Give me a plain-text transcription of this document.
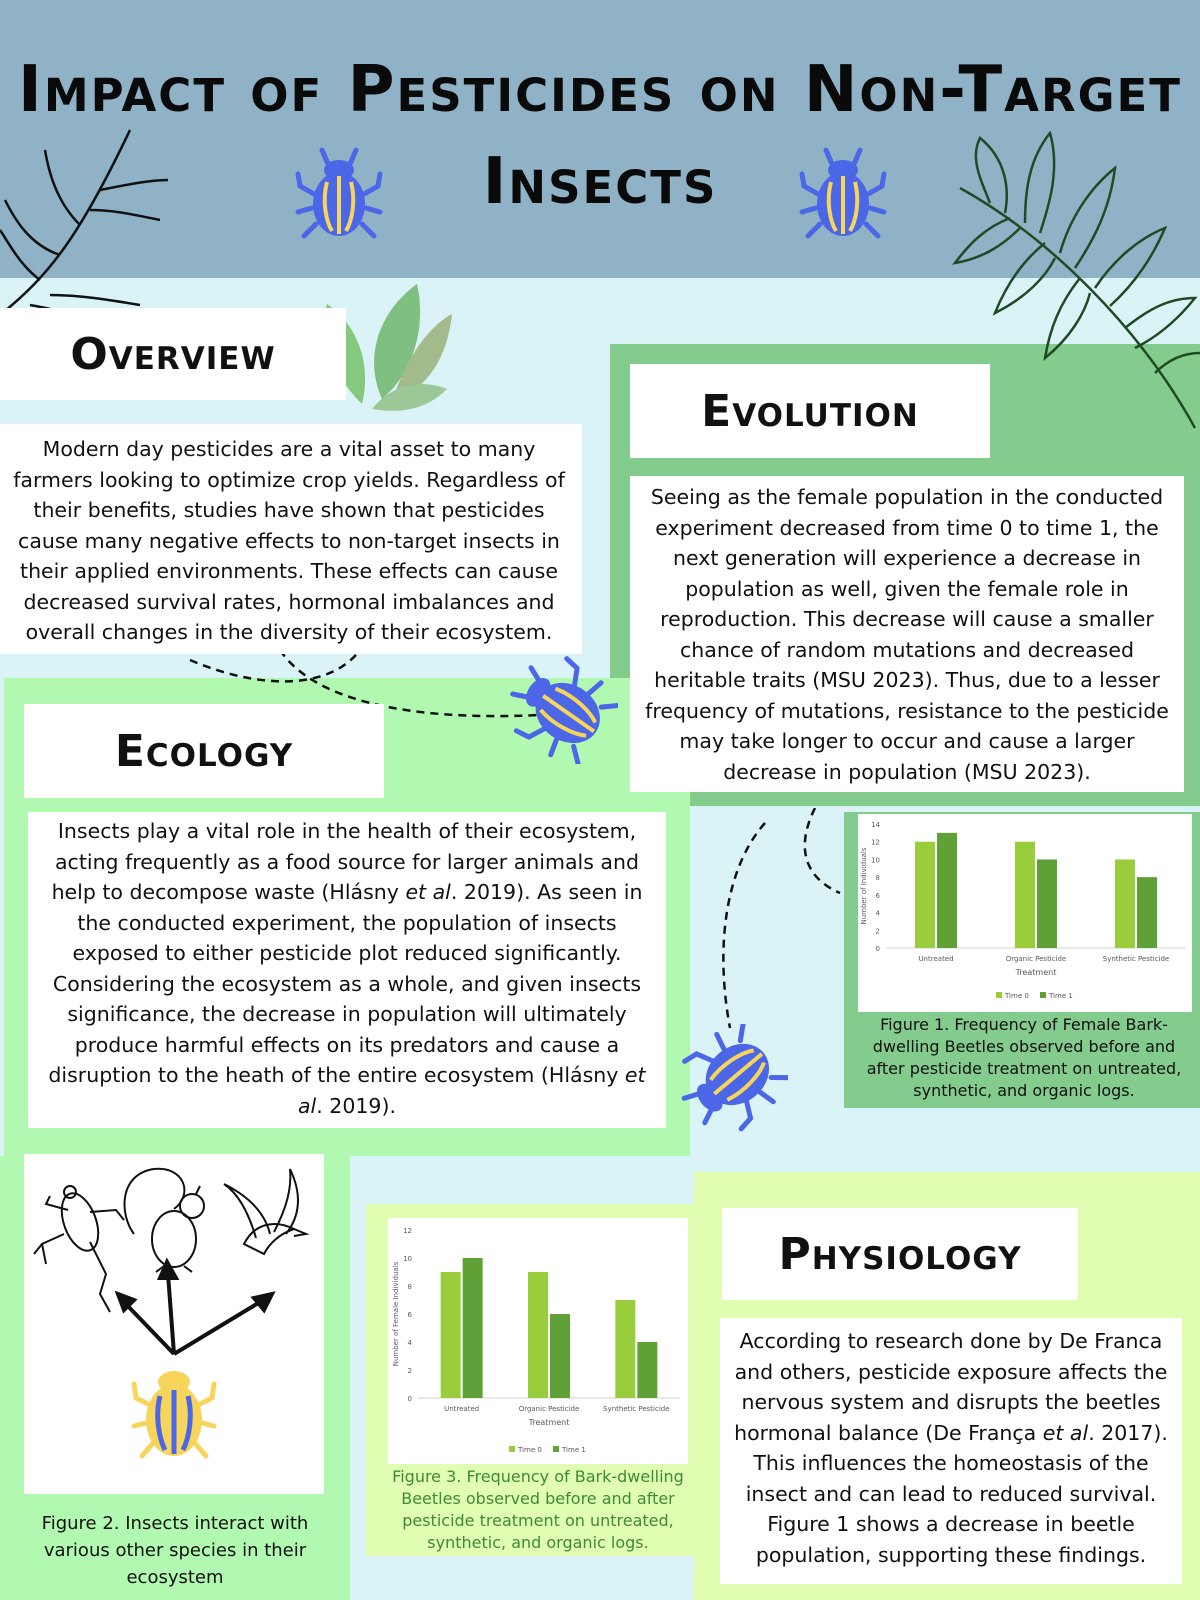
Impact of Pesticides on Non-Target
Insects
Overview
Modern day pesticides are a vital asset to many farmers looking to optimize crop yields. Regardless of their benefits, studies have shown that pesticides cause many negative effects to non-target insects in their applied environments. These effects can cause decreased survival rates, hormonal imbalances and overall changes in the diversity of their ecosystem.
Evolution
Seeing as the female population in the conducted experiment decreased from time 0 to time 1, the next generation will experience a decrease in population as well, given the female role in reproduction. This decrease will cause a smaller chance of random mutations and decreased heritable traits (MSU 2023). Thus, due to a lesser frequency of mutations, resistance to the pesticide may take longer to occur and cause a larger decrease in population (MSU 2023).
Ecology
Insects play a vital role in the health of their ecosystem, acting frequently as a food source for larger animals and help to decompose waste (Hlásny et al. 2019). As seen in the conducted experiment, the population of insects exposed to either pesticide plot reduced significantly. Considering the ecosystem as a whole, and given insects significance, the decrease in population will ultimately produce harmful effects on its predators and cause a disruption to the heath of the entire ecosystem (Hlásny et al. 2019).
0
2
4
6
8
10
12
14
Untreated	Organic Pesticide	Synthetic Pesticide
Treatment
Number of Individuals
Time 0	Time 1
Figure 1. Frequency of Female Bark-dwelling Beetles observed before and after pesticide treatment on untreated, synthetic, and organic logs.
Figure 2. Insects interact with various other species in their ecosystem
0
2
4
6
8
10
12
Untreated	Organic Pesticide	Synthetic Pesticide
Treatment
Number of Female Individuals
Time 0	Time 1
Figure 3. Frequency of Bark-dwelling Beetles observed before and after pesticide treatment on untreated, synthetic, and organic logs.
Physiology
According to research done by De Franca and others, pesticide exposure affects the nervous system and disrupts the beetles hormonal balance (De França et al. 2017). This influences the homeostasis of the insect and can lead to reduced survival. Figure 1 shows a decrease in beetle population, supporting these findings.
